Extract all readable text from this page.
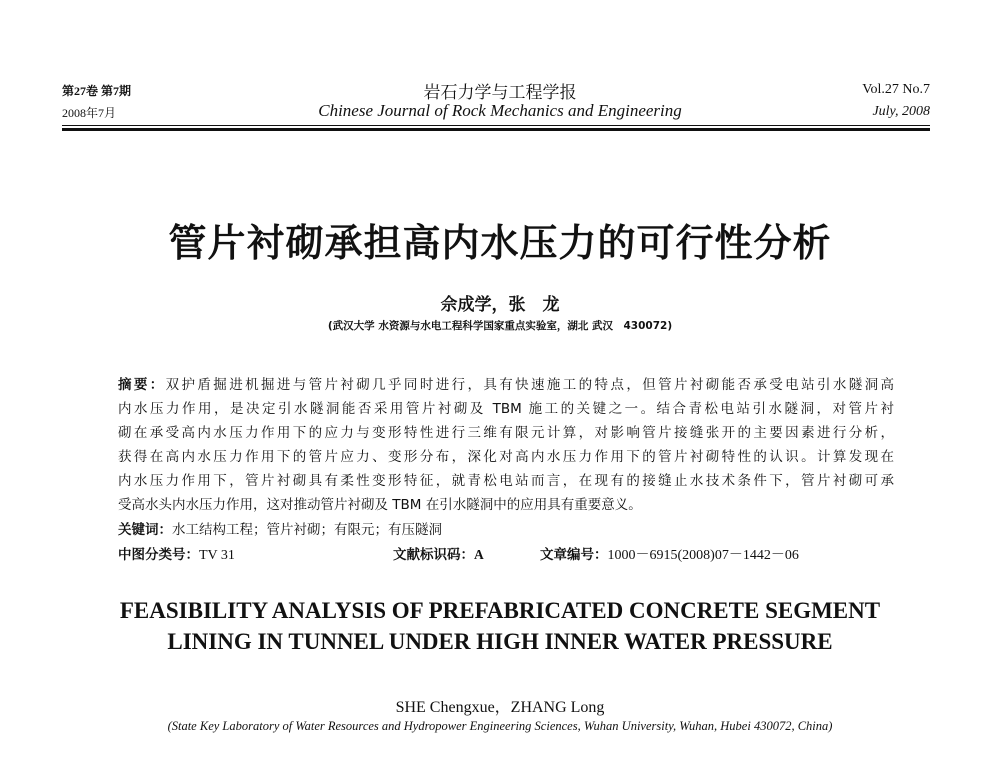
第27卷 第7期
2008年7月
岩石力学与工程学报
Chinese Journal of Rock Mechanics and Engineering
Vol.27 No.7
July, 2008
管片衬砌承担高内水压力的可行性分析
佘成学，张　龙
(武汉大学 水资源与水电工程科学国家重点实验室，湖北 武汉　430072)
摘要：双护盾掘进机掘进与管片衬砌几乎同时进行，具有快速施工的特点，但管片衬砌能否承受电站引水隧洞高
内水压力作用，是决定引水隧洞能否采用管片衬砌及 TBM 施工的关键之一。结合青松电站引水隧洞，对管片衬
砌在承受高内水压力作用下的应力与变形特性进行三维有限元计算，对影响管片接缝张开的主要因素进行分析，
获得在高内水压力作用下的管片应力、变形分布，深化对高内水压力作用下的管片衬砌特性的认识。计算发现在
内水压力作用下，管片衬砌具有柔性变形特征，就青松电站而言，在现有的接缝止水技术条件下，管片衬砌可承
受高水头内水压力作用，这对推动管片衬砌及 TBM 在引水隧洞中的应用具有重要意义。
关键词：水工结构工程；管片衬砌；有限元；有压隧洞
中图分类号：TV 31	文献标识码：A	文章编号：1000－6915(2008)07－1442－06
FEASIBILITY ANALYSIS OF PREFABRICATED CONCRETE SEGMENT
LINING IN TUNNEL UNDER HIGH INNER WATER PRESSURE
SHE Chengxue，ZHANG Long
(State Key Laboratory of Water Resources and Hydropower Engineering Sciences, Wuhan University, Wuhan, Hubei 430072, China)
